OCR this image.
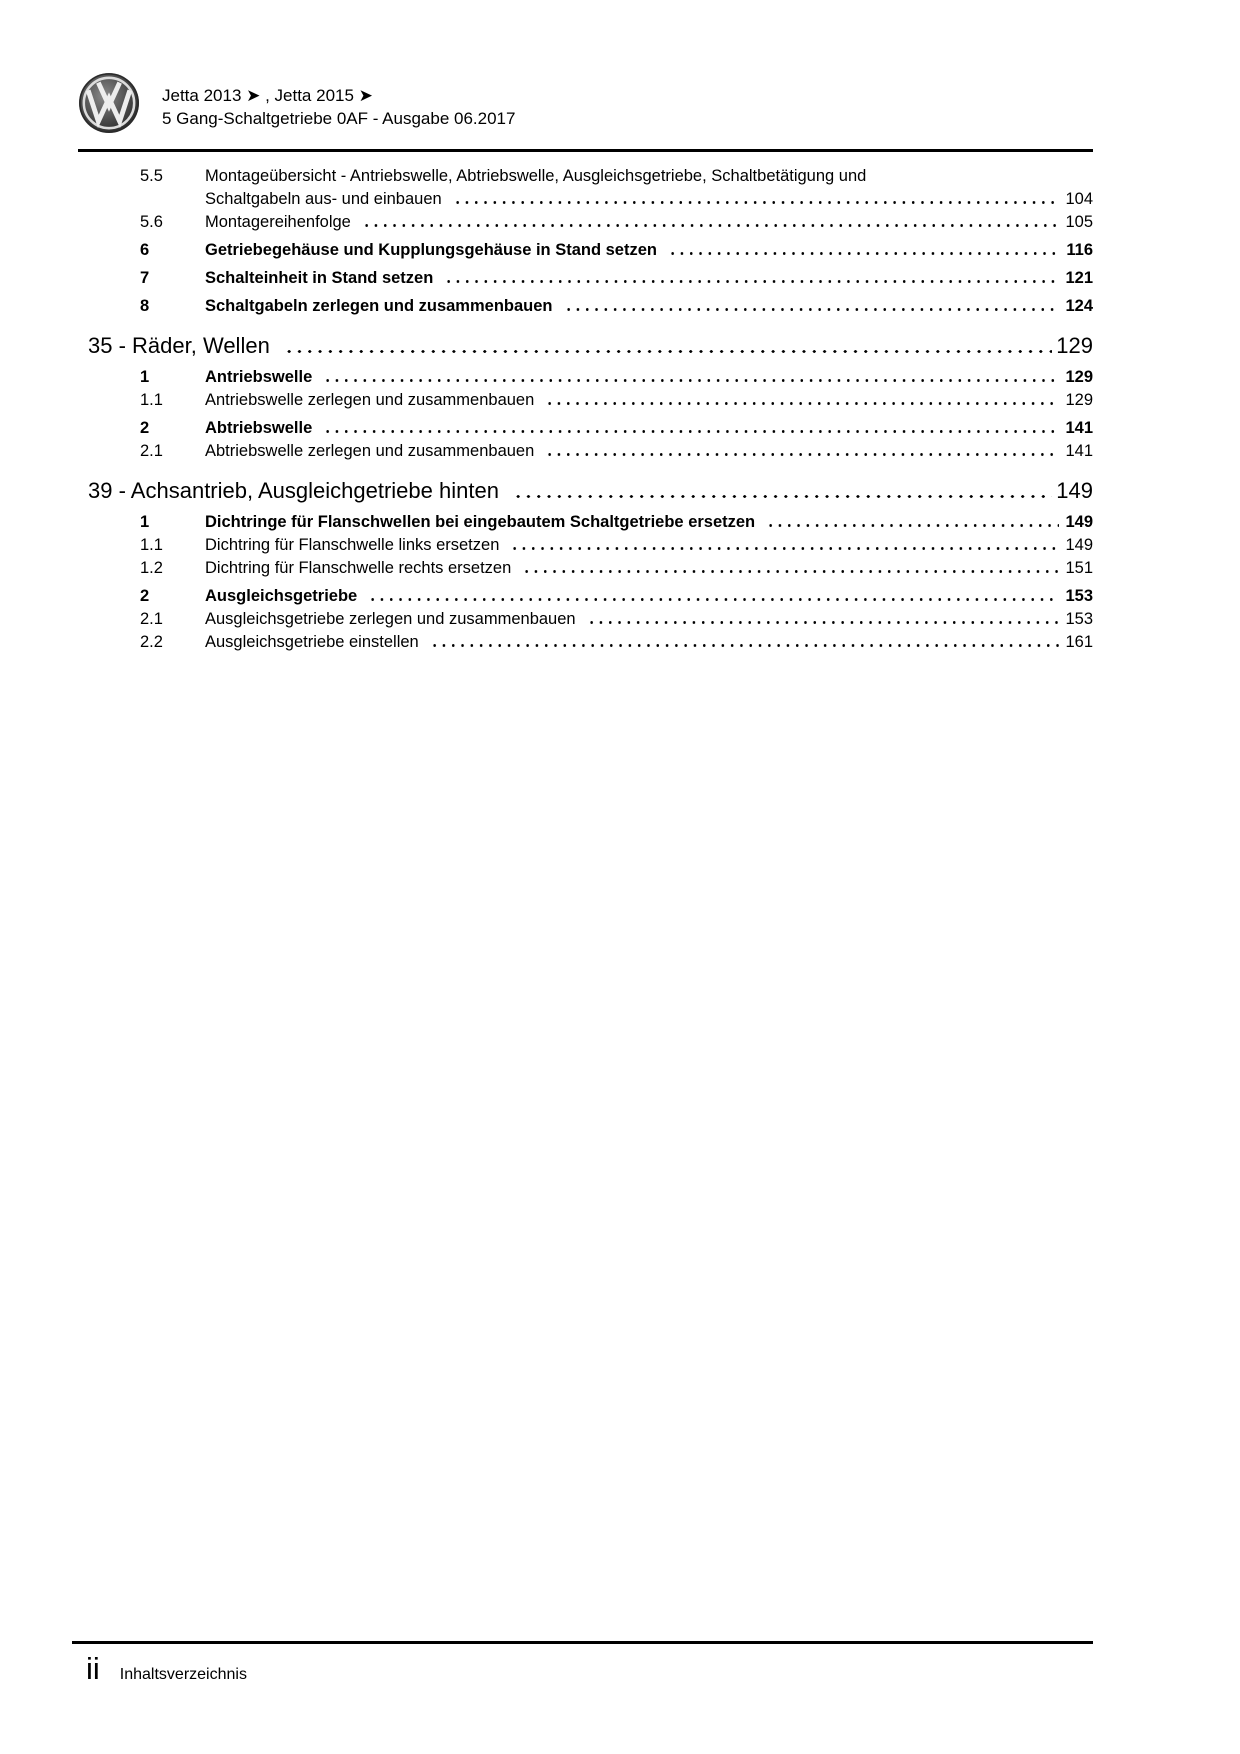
Jetta 2013 ➤ , Jetta 2015 ➤
5 Gang-Schaltgetriebe 0AF - Ausgabe 06.2017
5.5	Montageübersicht - Antriebswelle, Abtriebswelle, Ausgleichsgetriebe, Schaltbetätigung und
Schaltgabeln aus- und einbauen	104
5.6	Montagereihenfolge	105
6	Getriebegehäuse und Kupplungsgehäuse in Stand setzen	116
7	Schalteinheit in Stand setzen	121
8	Schaltgabeln zerlegen und zusammenbauen	124
35 - Räder, Wellen	129
1	Antriebswelle	129
1.1	Antriebswelle zerlegen und zusammenbauen	129
2	Abtriebswelle	141
2.1	Abtriebswelle zerlegen und zusammenbauen	141
39 - Achsantrieb, Ausgleichgetriebe hinten	149
1	Dichtringe für Flanschwellen bei eingebautem Schaltgetriebe ersetzen	149
1.1	Dichtring für Flanschwelle links ersetzen	149
1.2	Dichtring für Flanschwelle rechts ersetzen	151
2	Ausgleichsgetriebe	153
2.1	Ausgleichsgetriebe zerlegen und zusammenbauen	153
2.2	Ausgleichsgetriebe einstellen	161
ii Inhaltsverzeichnis
